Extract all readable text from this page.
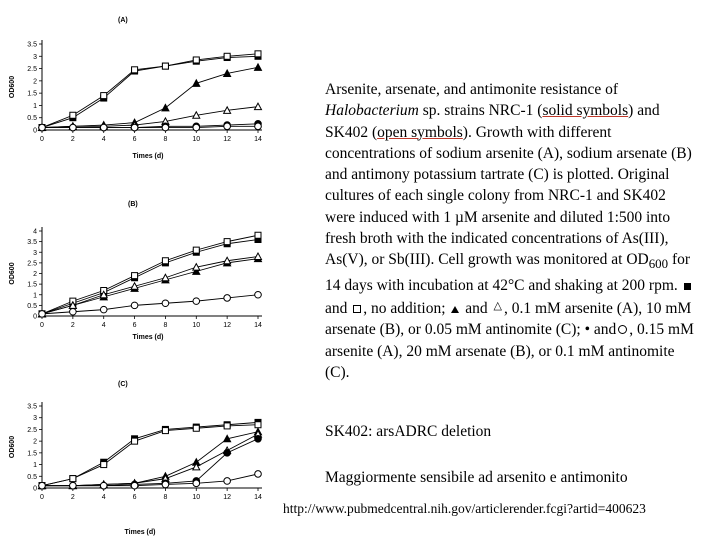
(A)
0
0.5
1
1.5
2
2.5
3
3.5
0	2	4	6	8	10	12	14
Times (d)
OD600
(B)
0
0.5
1
1.5
2
2.5
3
3.5
4
0	2	4	6	8	10	12	14
Times (d)
OD600
(C)
0
0.5
1
1.5
2
2.5
3
3.5
0	2	4	6	8	10	12	14
Times (d)
OD600

Arsenite, arsenate, and antimonite resistance of Halobacterium sp. strains NRC-1 (solid symbols) and SK402 (open symbols). Growth with different concentrations of sodium arsenite (A), sodium arsenate (B) and antimony potassium tartrate (C) is plotted. Original cultures of each single colony from NRC-1 and SK402 were induced with 1 µM arsenite and diluted 1:500 into fresh broth with the indicated concentrations of As(III), As(V), or Sb(III). Cell growth was monitored at $OD_{600}$ for 14 days with incubation at 42°C and shaking at 200 rpm.  and , no addition;  and △ , 0.1 mM arsenite (A), 10 mM arsenate (B), or 0.05 mM antinomite (C); • and , 0.15 mM arsenite (A), 20 mM arsenate (B), or 0.1 mM antinomite (C).

SK402: arsADRC deletion
Maggiormente sensibile ad arsenito e antimonito
http://www.pubmedcentral.nih.gov/articlerender.fcgi?artid=400623
